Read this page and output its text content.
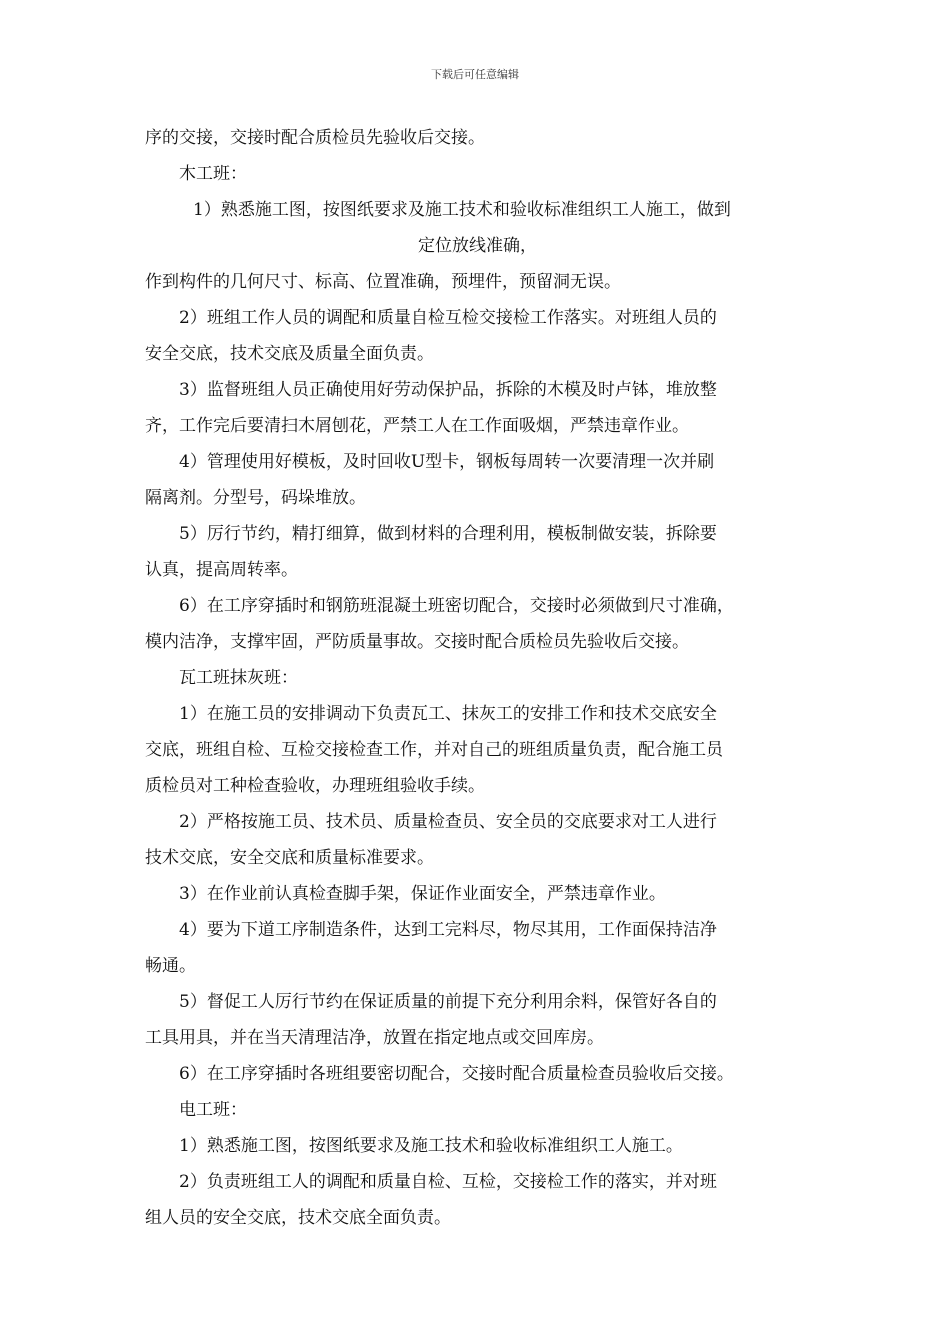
下载后可任意编辑

序的交接，交接时配合质检员先验收后交接。

木工班：

1）熟悉施工图，按图纸要求及施工技术和验收标准组织工人施工，做到

定位放线准确，

作到构件的几何尺寸、标高、位置准确，预埋件，预留洞无误。

2）班组工作人员的调配和质量自检互检交接检工作落实。对班组人员的

安全交底，技术交底及质量全面负责。

3）监督班组人员正确使用好劳动保护品，拆除的木模及时卢钵，堆放整

齐，工作完后要清扫木屑刨花，严禁工人在工作面吸烟，严禁违章作业。

4）管理使用好模板，及时回收U型卡，钢板每周转一次要清理一次并刷

隔离剂。分型号，码垛堆放。

5）厉行节约，精打细算，做到材料的合理利用，模板制做安装，拆除要

认真，提高周转率。

6）在工序穿插时和钢筋班混凝土班密切配合，交接时必须做到尺寸准确，

模内洁净，支撑牢固，严防质量事故。交接时配合质检员先验收后交接。

瓦工班抹灰班：

1）在施工员的安排调动下负责瓦工、抹灰工的安排工作和技术交底安全

交底，班组自检、互检交接检查工作，并对自己的班组质量负责，配合施工员

质检员对工种检查验收，办理班组验收手续。

2）严格按施工员、技术员、质量检查员、安全员的交底要求对工人进行

技术交底，安全交底和质量标准要求。

3）在作业前认真检查脚手架，保证作业面安全，严禁违章作业。

4）要为下道工序制造条件，达到工完料尽，物尽其用，工作面保持洁净

畅通。

5）督促工人厉行节约在保证质量的前提下充分利用余料，保管好各自的

工具用具，并在当天清理洁净，放置在指定地点或交回库房。

6）在工序穿插时各班组要密切配合，交接时配合质量检查员验收后交接。

电工班：

1）熟悉施工图，按图纸要求及施工技术和验收标准组织工人施工。

2）负责班组工人的调配和质量自检、互检，交接检工作的落实，并对班

组人员的安全交底，技术交底全面负责。
